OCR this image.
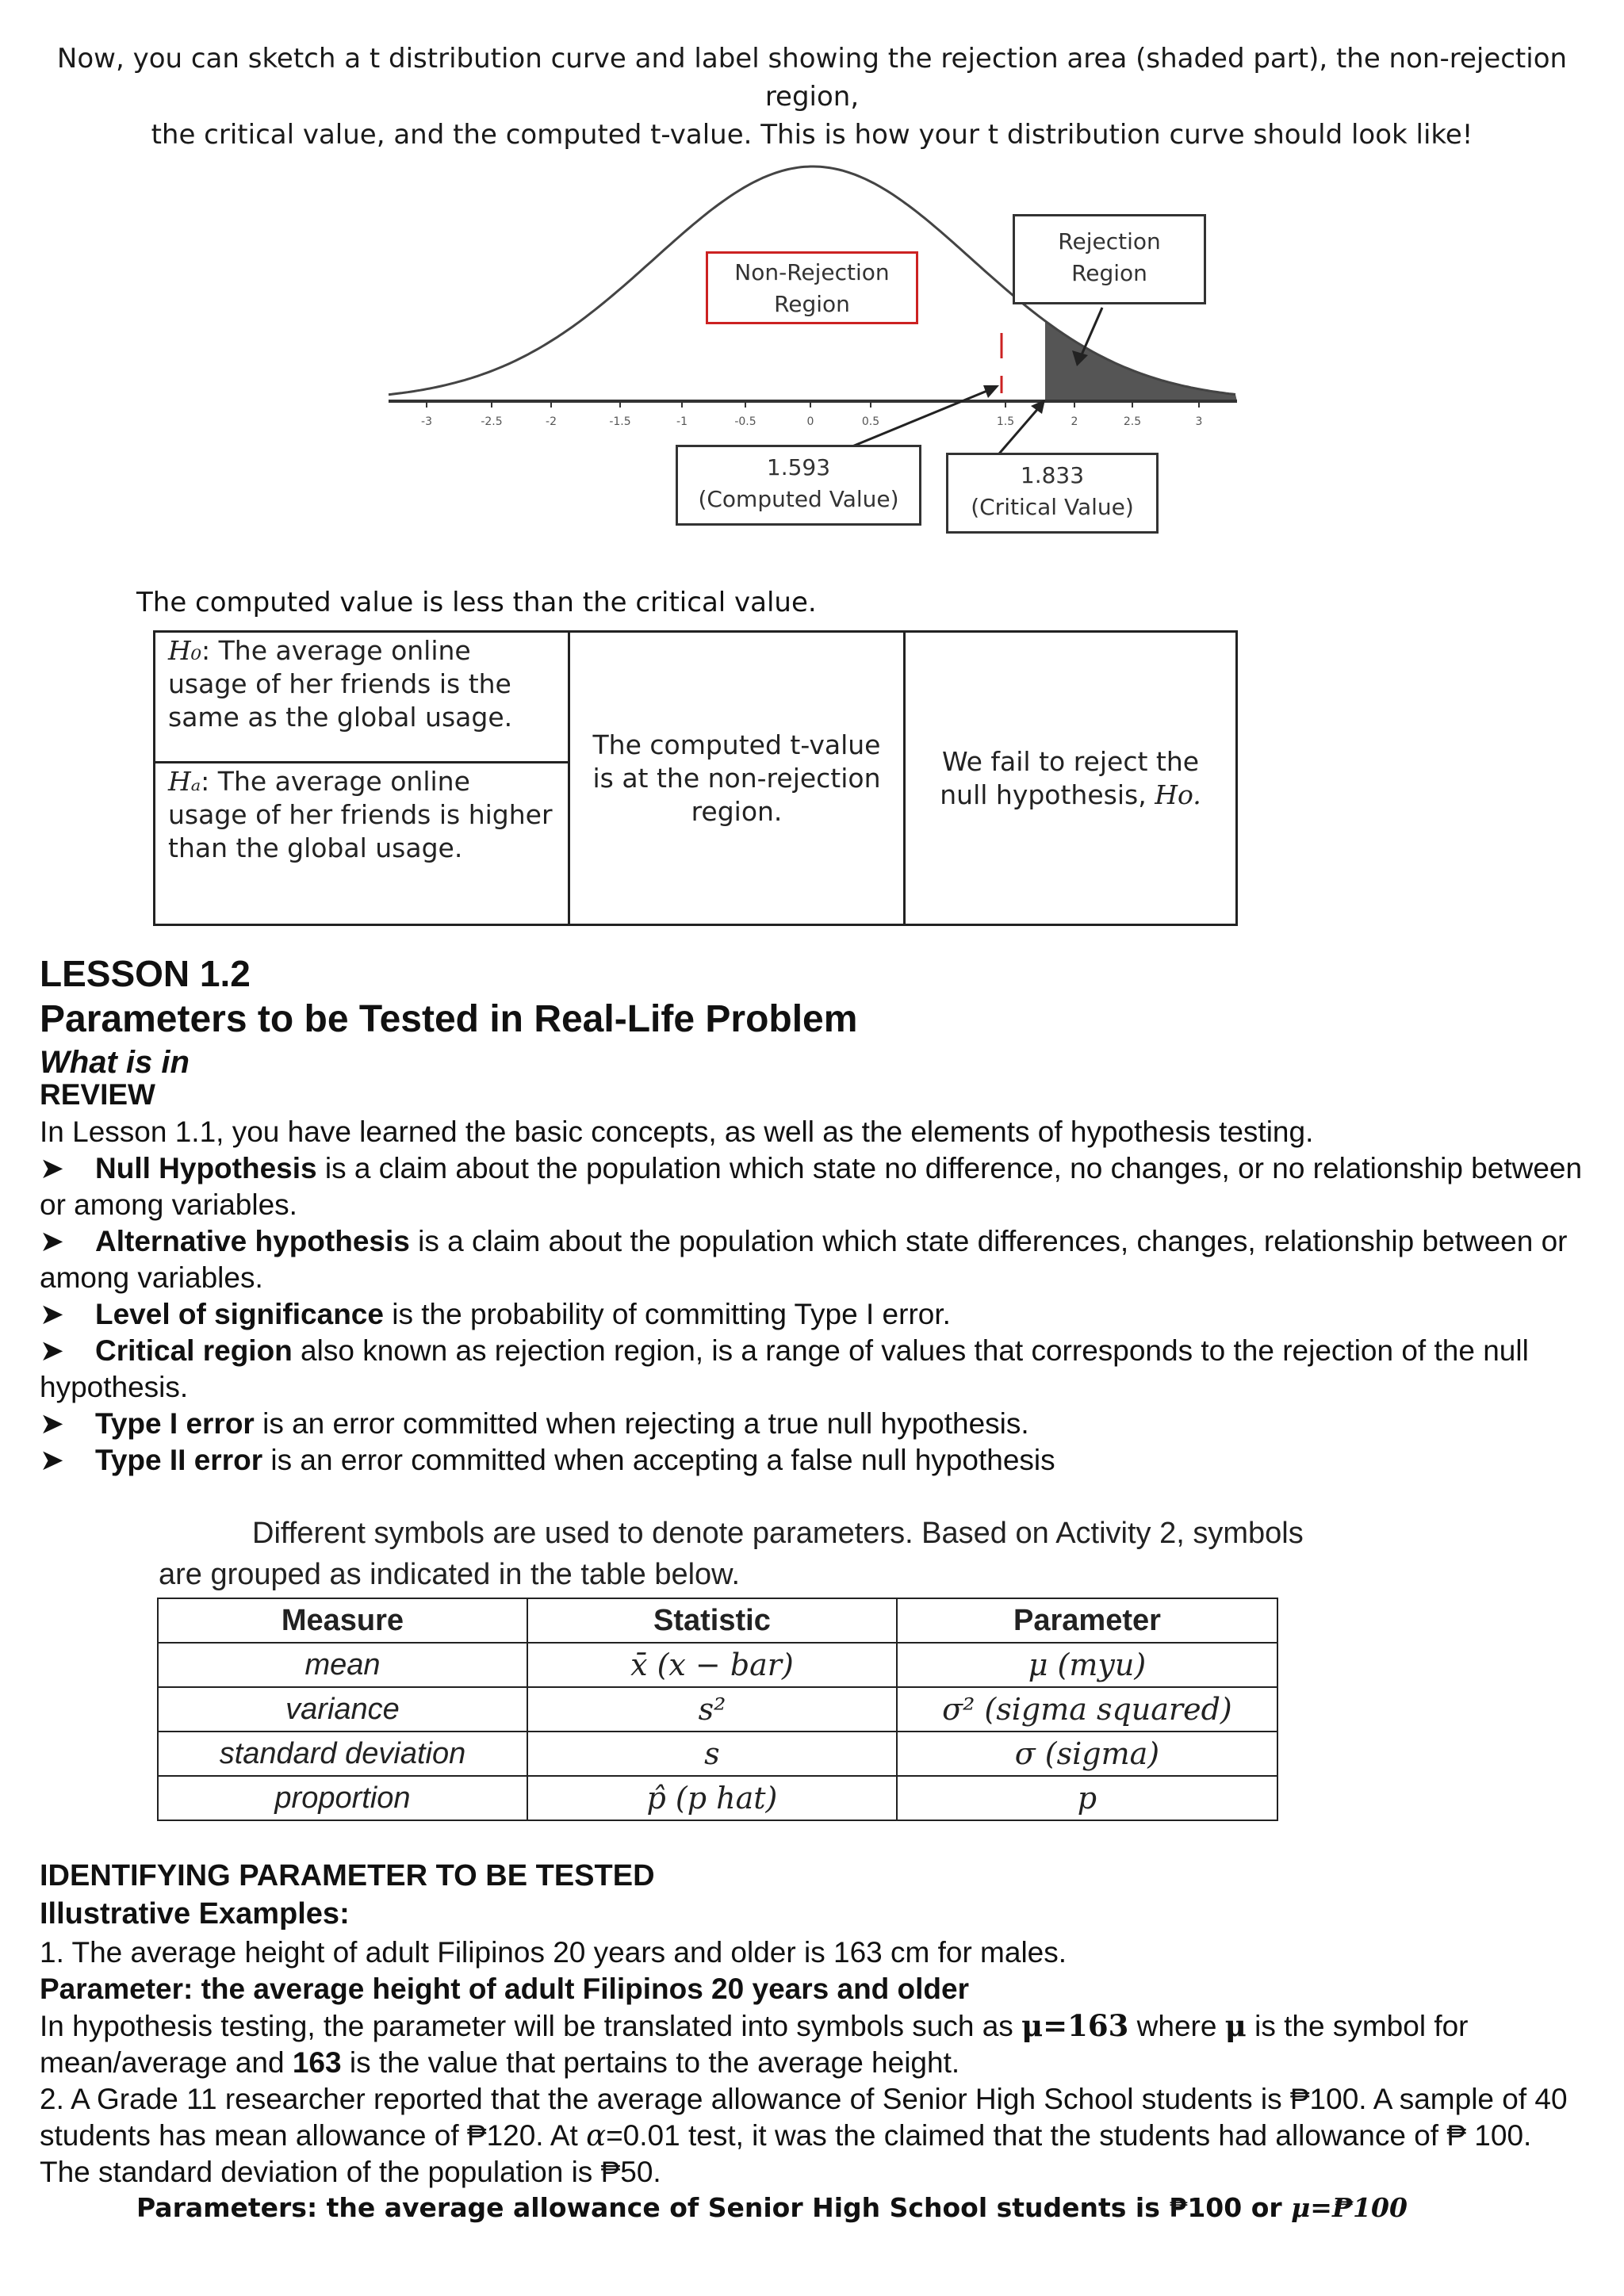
Now, you can sketch a t distribution curve and label showing the rejection area (shaded part), the non-rejection region,
the critical value, and the computed t-value. This is how your t distribution curve should look like!
-3	-2.5	-2	-1.5	-1	-0.5	0	0.5	1.5	2	2.5	3
Non-Rejection
Region
Rejection
Region
1.593
(Computed Value)
1.833
(Critical Value)
The computed value is less than the critical value.
H₀: The average online usage of her friends is the same as the global usage.	The computed t-value is at the non-rejection region.	We fail to reject the null hypothesis, Ho.
Hₐ: The average online usage of her friends is higher than the global usage.
LESSON 1.2
Parameters to be Tested in Real-Life Problem
What is in
REVIEW

In Lesson 1.1, you have learned the basic concepts, as well as the elements of hypothesis testing.

➤ Null Hypothesis is a claim about the population which state no difference, no changes, or no relationship between or among variables.
➤ Alternative hypothesis is a claim about the population which state differences, changes, relationship between or among variables.
➤ Level of significance is the probability of committing Type I error.
➤ Critical region also known as rejection region, is a range of values that corresponds to the rejection of the null hypothesis.
➤ Type I error is an error committed when rejecting a true null hypothesis.
➤ Type II error is an error committed when accepting a false null hypothesis
Different symbols are used to denote parameters. Based on Activity 2, symbols
are grouped as indicated in the table below.
Measure	Statistic	Parameter
mean	x̄ (x − bar)	μ (myu)
variance	s²	σ² (sigma squared)
standard deviation	s	σ (sigma)
proportion	p̂ (p hat)	p
IDENTIFYING PARAMETER TO BE TESTED
Illustrative Examples:

1. The average height of adult Filipinos 20 years and older is 163 cm for males.

Parameter: the average height of adult Filipinos 20 years and older

In hypothesis testing, the parameter will be translated into symbols such as μ=163 where μ is the symbol for mean/average and 163 is the value that pertains to the average height.

2. A Grade 11 researcher reported that the average allowance of Senior High School students is ₱100. A sample of 40 students has mean allowance of ₱120. At α=0.01 test, it was the claimed that the students had allowance of ₱ 100. The standard deviation of the population is ₱50.

Parameters: the average allowance of Senior High School students is ₱100 or μ=₱100
